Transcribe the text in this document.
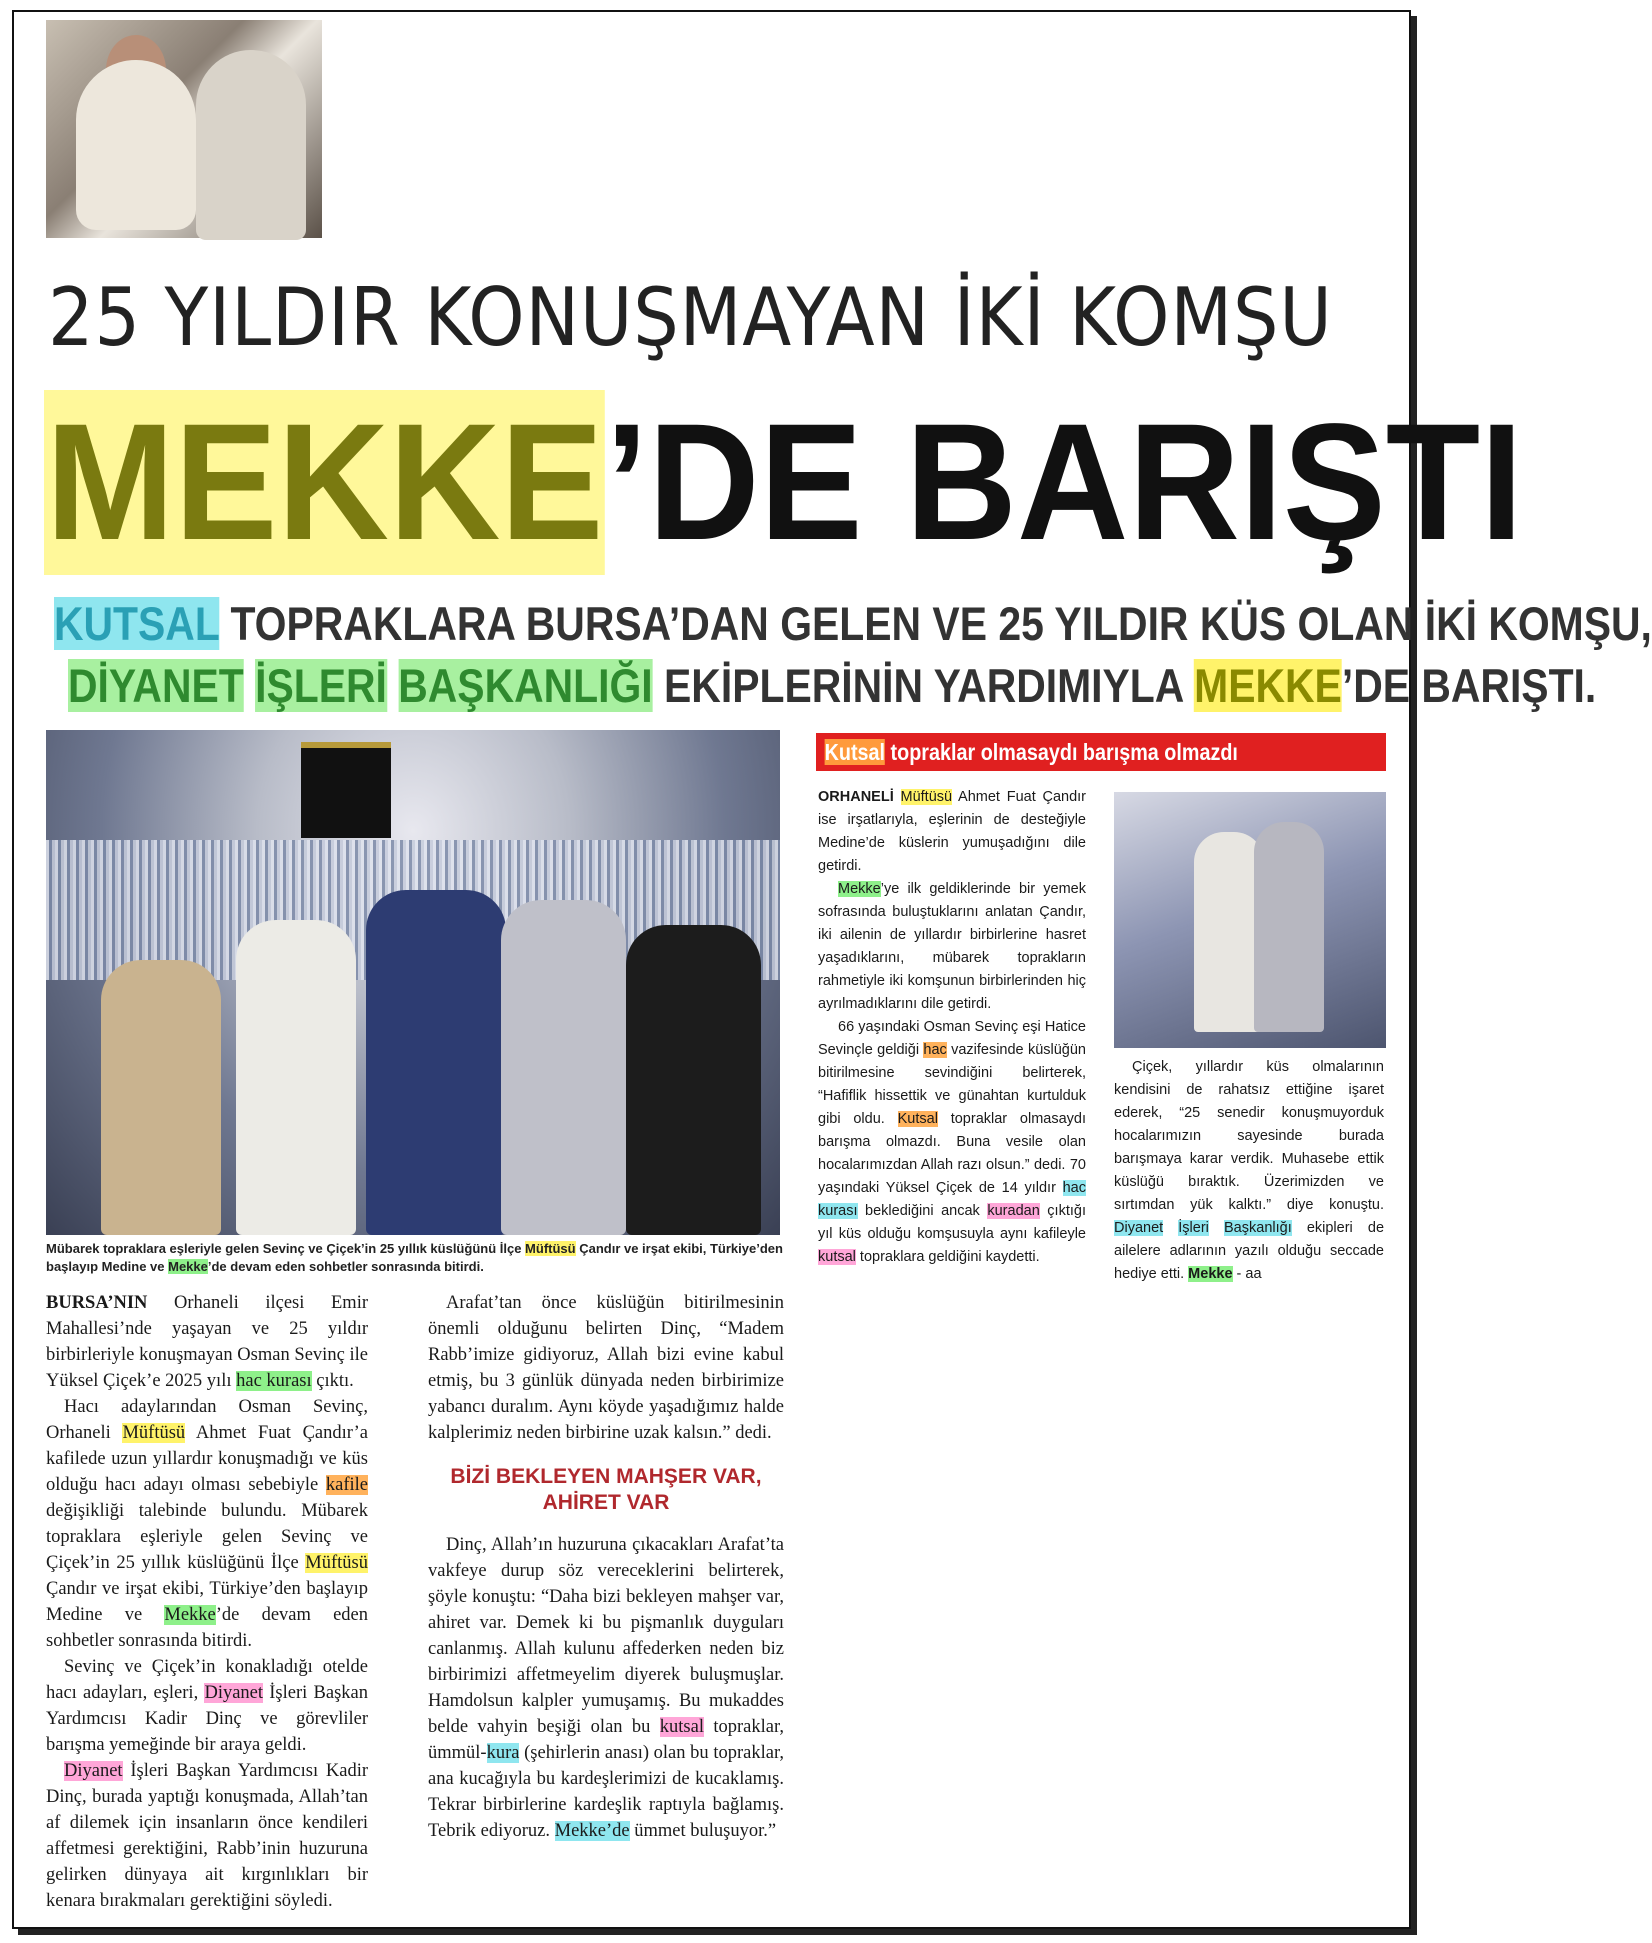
25 YILDIR KONUŞMAYAN İKİ KOMŞU
MEKKE’DE BARIŞTI
KUTSAL TOPRAKLARA BURSA’DAN GELEN VE 25 YILDIR KÜS OLAN İKİ KOMŞU,
DİYANET İŞLERİ BAŞKANLIĞI EKİPLERİNİN YARDIMIYLA MEKKE’DE BARIŞTI.
Mübarek topraklara eşleriyle gelen Sevinç ve Çiçek’in 25 yıllık küslüğünü İlçe Müftüsü Çandır ve irşat ekibi, Türkiye’den başlayıp Medine ve Mekke’de devam eden sohbetler sonrasında bitirdi.

BURSA’NIN Orhaneli ilçesi Emir Mahallesi’nde yaşayan ve 25 yıldır birbirleriyle konuşmayan Osman Sevinç ile Yüksel Çiçek’e 2025 yılı hac kurası çıktı.

Hacı adaylarından Osman Sevinç, Orhaneli Müftüsü Ahmet Fuat Çandır’a kafilede uzun yıllardır konuşmadığı ve küs olduğu hacı adayı olması sebebiyle kafile değişikliği talebinde bulundu. Mübarek topraklara eşleriyle gelen Sevinç ve Çiçek’in 25 yıllık küslüğünü İlçe Müftüsü Çandır ve irşat ekibi, Türkiye’den başlayıp Medine ve Mekke’de devam eden sohbetler sonrasında bitirdi.

Sevinç ve Çiçek’in konakladığı otelde hacı adayları, eşleri, Diyanet İşleri Başkan Yardımcısı Kadir Dinç ve görevliler barışma yemeğinde bir araya geldi.

Diyanet İşleri Başkan Yardımcısı Kadir Dinç, burada yaptığı konuşmada, Allah’tan af dilemek için insanların önce kendileri affetmesi gerektiğini, Rabb’inin huzuruna gelirken dünyaya ait kırgınlıkları bir kenara bırakmaları gerektiğini söyledi.

Arafat’tan önce küslüğün bitirilmesinin önemli olduğunu belirten Dinç, “Madem Rabb’imize gidiyoruz, Allah bizi evine kabul etmiş, bu 3 günlük dünyada neden birbirimize yabancı duralım. Aynı köyde yaşadığımız halde kalplerimiz neden birbirine uzak kalsın.” dedi.

BİZİ BEKLEYEN MAHŞER VAR,
AHİRET VAR

Dinç, Allah’ın huzuruna çıkacakları Arafat’ta vakfeye durup söz vereceklerini belirterek, şöyle konuştu: “Daha bizi bekleyen mahşer var, ahiret var. Demek ki bu pişmanlık duyguları canlanmış. Allah kulunu affederken neden biz birbirimizi affetmeyelim diyerek buluşmuşlar. Hamdolsun kalpler yumuşamış. Bu mukaddes belde vahyin beşiği olan bu kutsal topraklar, ümmül-kura (şehirlerin anası) olan bu topraklar, ana kucağıyla bu kardeşlerimizi de kucaklamış. Tekrar birbirlerine kardeşlik raptıyla bağlamış. Tebrik ediyoruz. Mekke’de ümmet buluşuyor.”

Kutsal topraklar olmasaydı barışma olmazdı

ORHANELİ Müftüsü Ahmet Fuat Çandır ise irşatlarıyla, eşlerinin de desteğiyle Medine’de küslerin yumuşadığını dile getirdi.

Mekke’ye ilk geldiklerinde bir yemek sofrasında buluştuklarını anlatan Çandır, iki ailenin de yıllardır birbirlerine hasret yaşadıklarını, mübarek toprakların rahmetiyle iki komşunun birbirlerinden hiç ayrılmadıklarını dile getirdi.

66 yaşındaki Osman Sevinç eşi Hatice Sevinçle geldiği hac vazifesinde küslüğün bitirilmesine sevindiğini belirterek, “Hafiflik hissettik ve günahtan kurtulduk gibi oldu. Kutsal topraklar olmasaydı barışma olmazdı. Buna vesile olan hocalarımızdan Allah razı olsun.” dedi. 70 yaşındaki Yüksel Çiçek de 14 yıldır hac kurası beklediğini ancak kuradan çıktığı yıl küs olduğu komşusuyla aynı kafileyle kutsal topraklara geldiğini kaydetti.

Çiçek, yıllardır küs olmalarının kendisini de rahatsız ettiğine işaret ederek, “25 senedir konuşmuyorduk hocalarımızın sayesinde burada barışmaya karar verdik. Muhasebe ettik küslüğü bıraktık. Üzerimizden ve sırtımdan yük kalktı.” diye konuştu. Diyanet İşleri Başkanlığı ekipleri de ailelere adlarının yazılı olduğu seccade hediye etti. Mekke - aa
